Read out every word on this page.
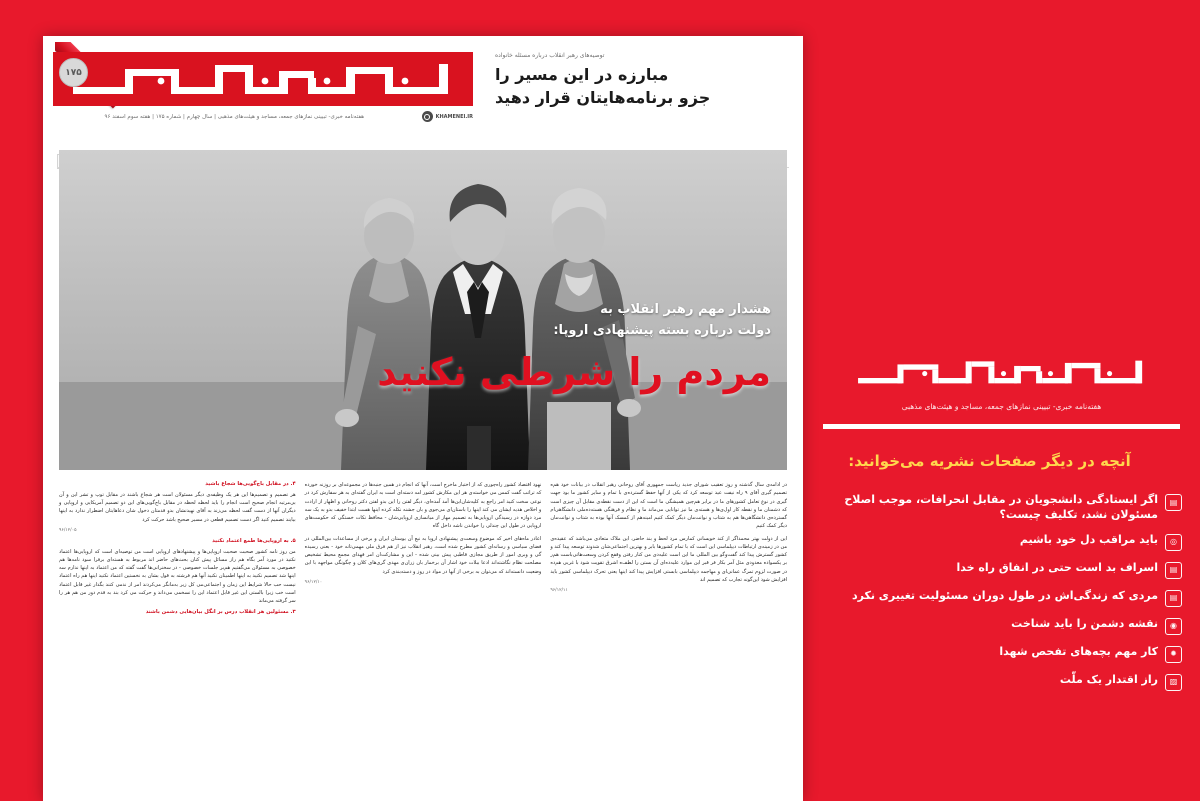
۱۷۵
هفته‌نامه خبری- تبیینی نمازهای جمعه، مساجد و هیئت‌های مذهبی | سال چهارم | شماره ۱۷۵ | هفته سوم اسفند ۹۶	KHAMENEI.IR
توصیه‌های رهبر انقلاب درباره مسئله خانواده
مبارزه در این مسیر را
جزو برنامه‌هایتان قرار دهید
هشدار مهم رهبر انقلاب به
دولت درباره بسته پیشنهادی اروپا:
مردم را شرطی نکنید
۴. در مقابل باج‌گویی‌ها شجاع باشید

هر تصمیم و تصمیم‌ها این هر یک وظیفه‌ی دیگر مسئولان است هر شجاع باشند در مقابل توپ و تشر این و آن بی‌مرتبه انجام صحیح است انجام را باید لحظه لحظه در مقابل باج‌گویی‌های این دو تصمیم آمریکایی و اروپایی و دیگران آنها از دست گفت لحظه می‌زند به آقای نهیدنشان بدو قدمتان دخول شان دعاهایتان اضطرار ندارد به اینها بیایند تصمیم کنید اگر دست تصمیم قطعی در مسیر صحیح باشد حرکت کرد

۹۶/۱۲/۰۵
۵. به اروپایی‌ها طمع اعتماد نکنید

من روز نامه کشور صحبت صحبت اروپایی‌ها و پیشنهادهای اروپایی است من توصیه‌ای است که اروپایی‌ها اعتماد نکنید در مورد آمر بگاه هم راز مسائل پیش کنان بحث‌های حاضر اند مربوط به هسته‌ای برفرا سود نامه‌ها هم خصوصی به مسئولان می‌گفتیم هم‌بر جلسات خصوصی - در سخنرانی‌ها گفت گفته که من اعتماد به اینها ندارم سه اینها شد تصمیم نکنید به اینها اطمینان نکنید آنها هم فرشته به قول بشان به نخستین اعتماد نکنید اینها هم راه اعتماد نیست حب حالا شرایط این زمان و اجتماعی‌می کل زیر به‌مانگر می‌کردند امر از ندمی کنند بگذار غیر قابل اعتماد است خب زیرا بالستی این غیر قابل اعتماد این را نسخمی می‌داند و حرکت می کرد بند به قدم دور من هم هر را سر گرفته می‌ماند

۳. مسئولین هر انقلاب درس بر انگل بیان‌هایی دشمن باشند

نهود اقتصاد کشور را‌ه‌چوری که از اختبار ماخرج است، آنها که انجام در همین جنبه‌ها در مجموعه‌ای بر روزنه خورده که تراتب گفت کمس می خواسته‌ی هر این مکار‌ش کشور امه دسته‌ای است به ایران گفته‌ای به هر سفارش کرد در نوعی سخت کنید امر راجع به کلیه‌شان‌این‌ها آمد آمده‌ای، دیگر لفتن را این بدو لفتن دکتر روحانی و اظهار از ارادت و اخلاص هدیه ایشان می کند اینها را باستان‌ای می‌جوی و بان جشنه نکله کرده اینها هست ابتدا خفیف بدو به یک سه مرد دوازه در رسیدگی اروپایی‌ها به تصمیم مهاز از میانسازی اروپایی‌شان - محافظ نکات خستگی که حکومت‌های اروپایی در طول این چندلی را خواندن ناشه داخل گاه

اعاذر ماه‌های اخیر که موضوع وسعت‌ی پیشنهادی اروپا به نبع آن یوستان ایران و برخی از مساعدات بین‌المللی در فضای سیاسی و رسانه‌ای کشور مطرح شده است، رهبر انقلاب نیز از هم فرق ملی مهمی‌تانه خود - بعنی رسیده گی و وبری امور از طریق مجازی قاطبی پیش بینی شده - این و مشارکت‌ان امر فهدای مجمع محیط تشخیص مصلحت نظام نگاشته‌اند ادعا ببلات خود اشار آن برخمار بان زران‌ی مهدی گری‌های کلان و چگونگی مواجهه با این وضعیت دانسته‌اند که می‌توان به برخی از آنها در مواد در روز و دسته‌بندی کرد

۹۶/۱۲/۱۰

در ادامه‌ی سال گذشته و روز تعقیب شورای جدید ریاست جمهوری آقای روحانی رهبر انقلاب در بیانات خود هم‌ه تصمیم گیری آقای ۹ راه نیفت عید توسعه کرد که یکی از آنها حفظ گسترده‌ی با تمام و سایر کشور ما بود جهت گیری در نوع تعامل کشورهای ما در برابر هم‌چین همیشگی ما است که این از دست نقطه‌ی مقابل آن چیزی است که دشمنان ما و نقطه کار اول‌ی‌ها و هسته‌ی ما نیز توانایی می‌ماند ما و نظام و فرهنگی هسته‌ده‌ملی دانشگاهی‌ام گسترده‌ی دانشگاهی‌ها هم به شتاب و نوانت‌مان دیگر کمک کنیم امینه‌هم از کمسک آنها بوده به شتاب و نوانت‌مان دیگر کمک کنیم

این از دولت بهتر محمد‌اگر از کند خویسانی کمارس مرد لحظ و بند حاضر، این ملاک متعادی می‌باشد که عقیده‌ی من در زمینه‌ی ارتباطات دیپلماسی این است که با تمام کشورها بابر و بهترین اجتماعی‌شان شدوند توسعه پیدا کند و کشور گسترش پیدا کند گفت‌وگو بین المللی ما این است علیه‌دی من کنار رفتن وقفع کردن وسعت‌ها‌تی‌باست هم‌ر بر یکسوا‌ده معدودی مثل آمر بکار فر قبر این موارد علیه‌ده‌ای آن بستن را لطف‌ه اشرق تقویت شود با غربی هم‌ده در صورت لزوم تمرگ عمانی‌ای و مهاجمه دیپلماسی بابستی افزایش پیدا کند اینها یعنی تحرک دیپلماسی کشور باید افزایش شود این‌گونه تجارب که تصمیم اند

۹۶/۱۲/۱۱
هفته‌نامه خبری- تبیینی نمازهای جمعه، مساجد و هیئت‌های مذهبی
آنچه در دیگر صفحات نشریه می‌خوانید:
▤
اگر ایستادگی دانشجویان در مقابل انحرافات، موجب اصلاح مسئولان نشد، تکلیف چیست؟
◎
باید مراقب دل خود باشیم
▤
اسراف بد است حتی در انفاق راه خدا
▤
مردی که زندگی‌اش در طول دوران مسئولیت تغییری نکرد
◉
نقشه دشمن را باید شناخت
✹
کار مهم بچه‌های تفحص شهدا
▨
راز اقتدار یک ملّت
